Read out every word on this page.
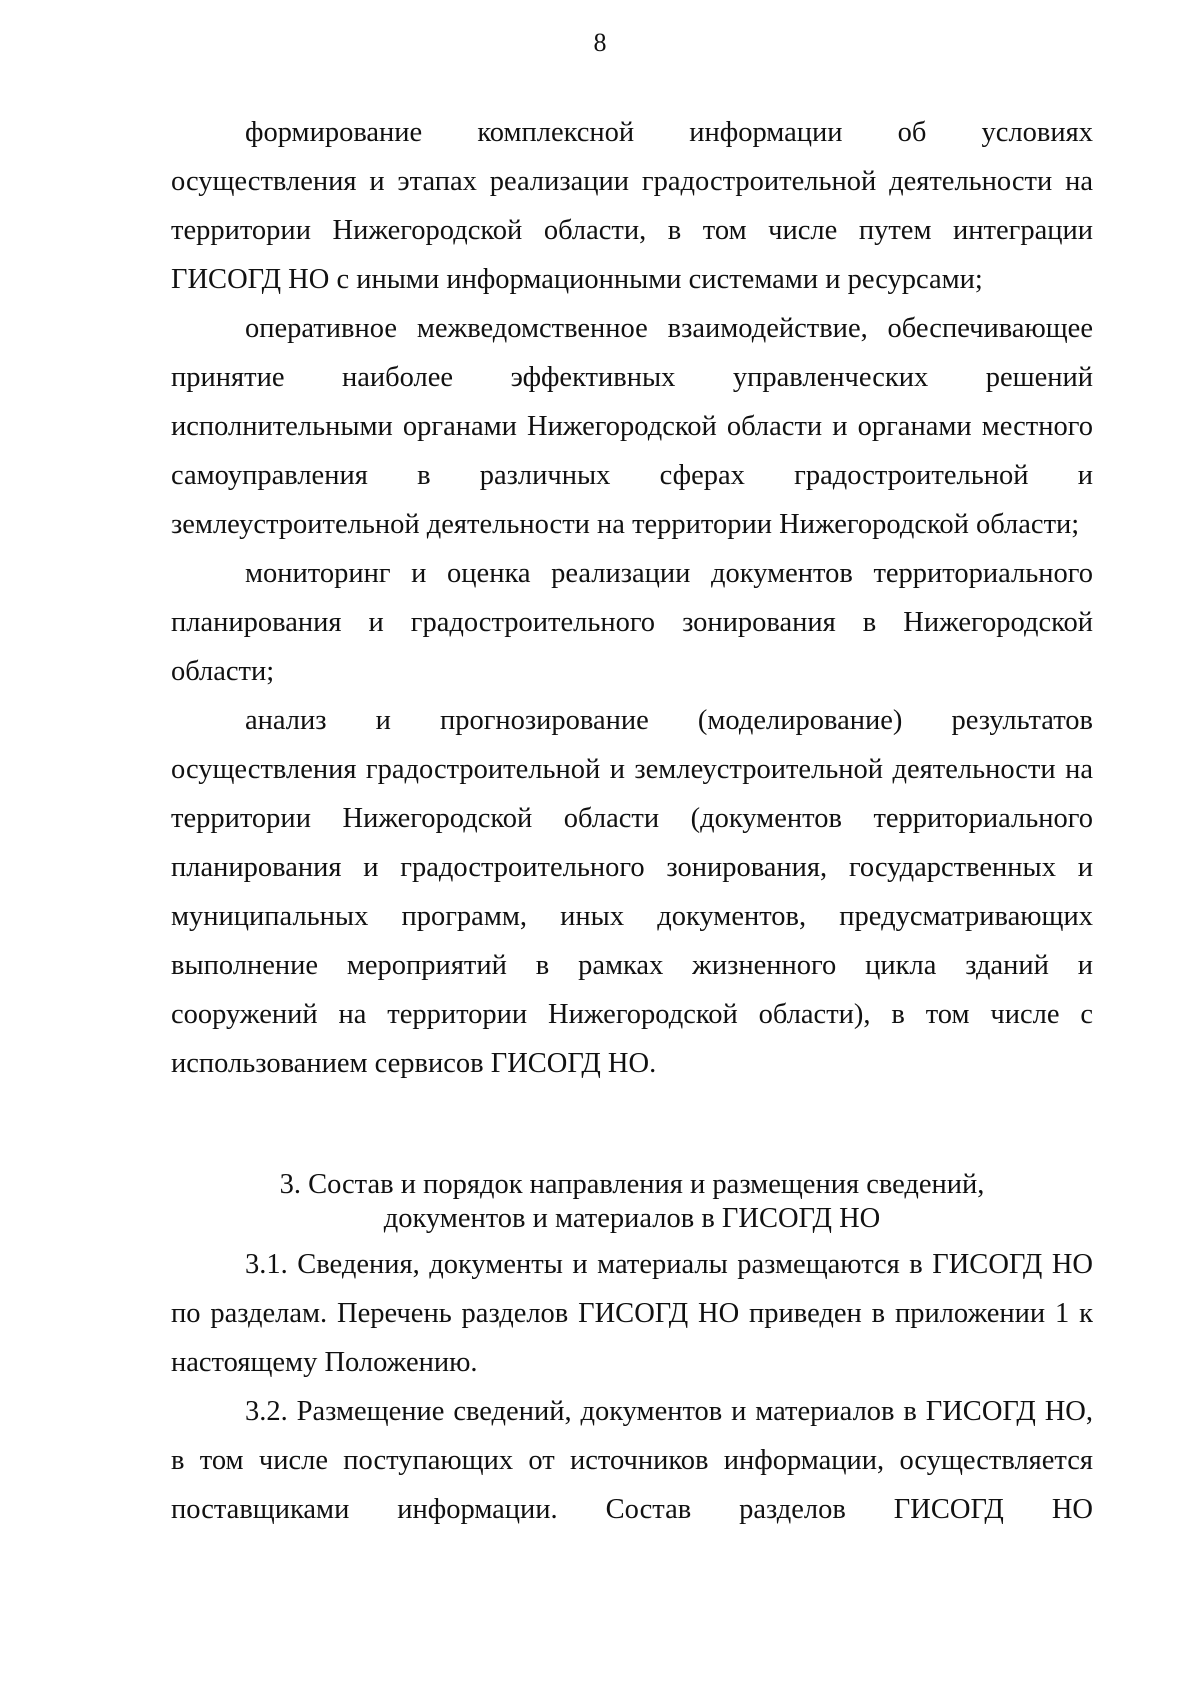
8

формирование комплексной информации об условиях осуществления и этапах реализации градостроительной деятельности на территории Нижегородской области, в том числе путем интеграции ГИСОГД НО с иными информационными системами и ресурсами;

оперативное межведомственное взаимодействие, обеспечивающее принятие наиболее эффективных управленческих решений исполнительными органами Нижегородской области и органами местного самоуправления в различных сферах градостроительной и землеустроительной деятельности на территории Нижегородской области;

мониторинг и оценка реализации документов территориального планирования и градостроительного зонирования в Нижегородской области;

анализ и прогнозирование (моделирование) результатов осуществления градостроительной и землеустроительной деятельности на территории Нижегородской области (документов территориального планирования и градостроительного зонирования, государственных и муниципальных программ, иных документов, предусматривающих выполнение мероприятий в рамках жизненного цикла зданий и сооружений на территории Нижегородской области), в том числе с использованием сервисов ГИСОГД НО.

3. Состав и порядок направления и размещения сведений,
документов и материалов в ГИСОГД НО

3.1. Сведения, документы и материалы размещаются в ГИСОГД НО по разделам. Перечень разделов ГИСОГД НО приведен в приложении 1 к настоящему Положению.

3.2. Размещение сведений, документов и материалов в ГИСОГД НО, в том числе поступающих от источников информации, осуществляется поставщиками информации. Состав разделов ГИСОГД НО
